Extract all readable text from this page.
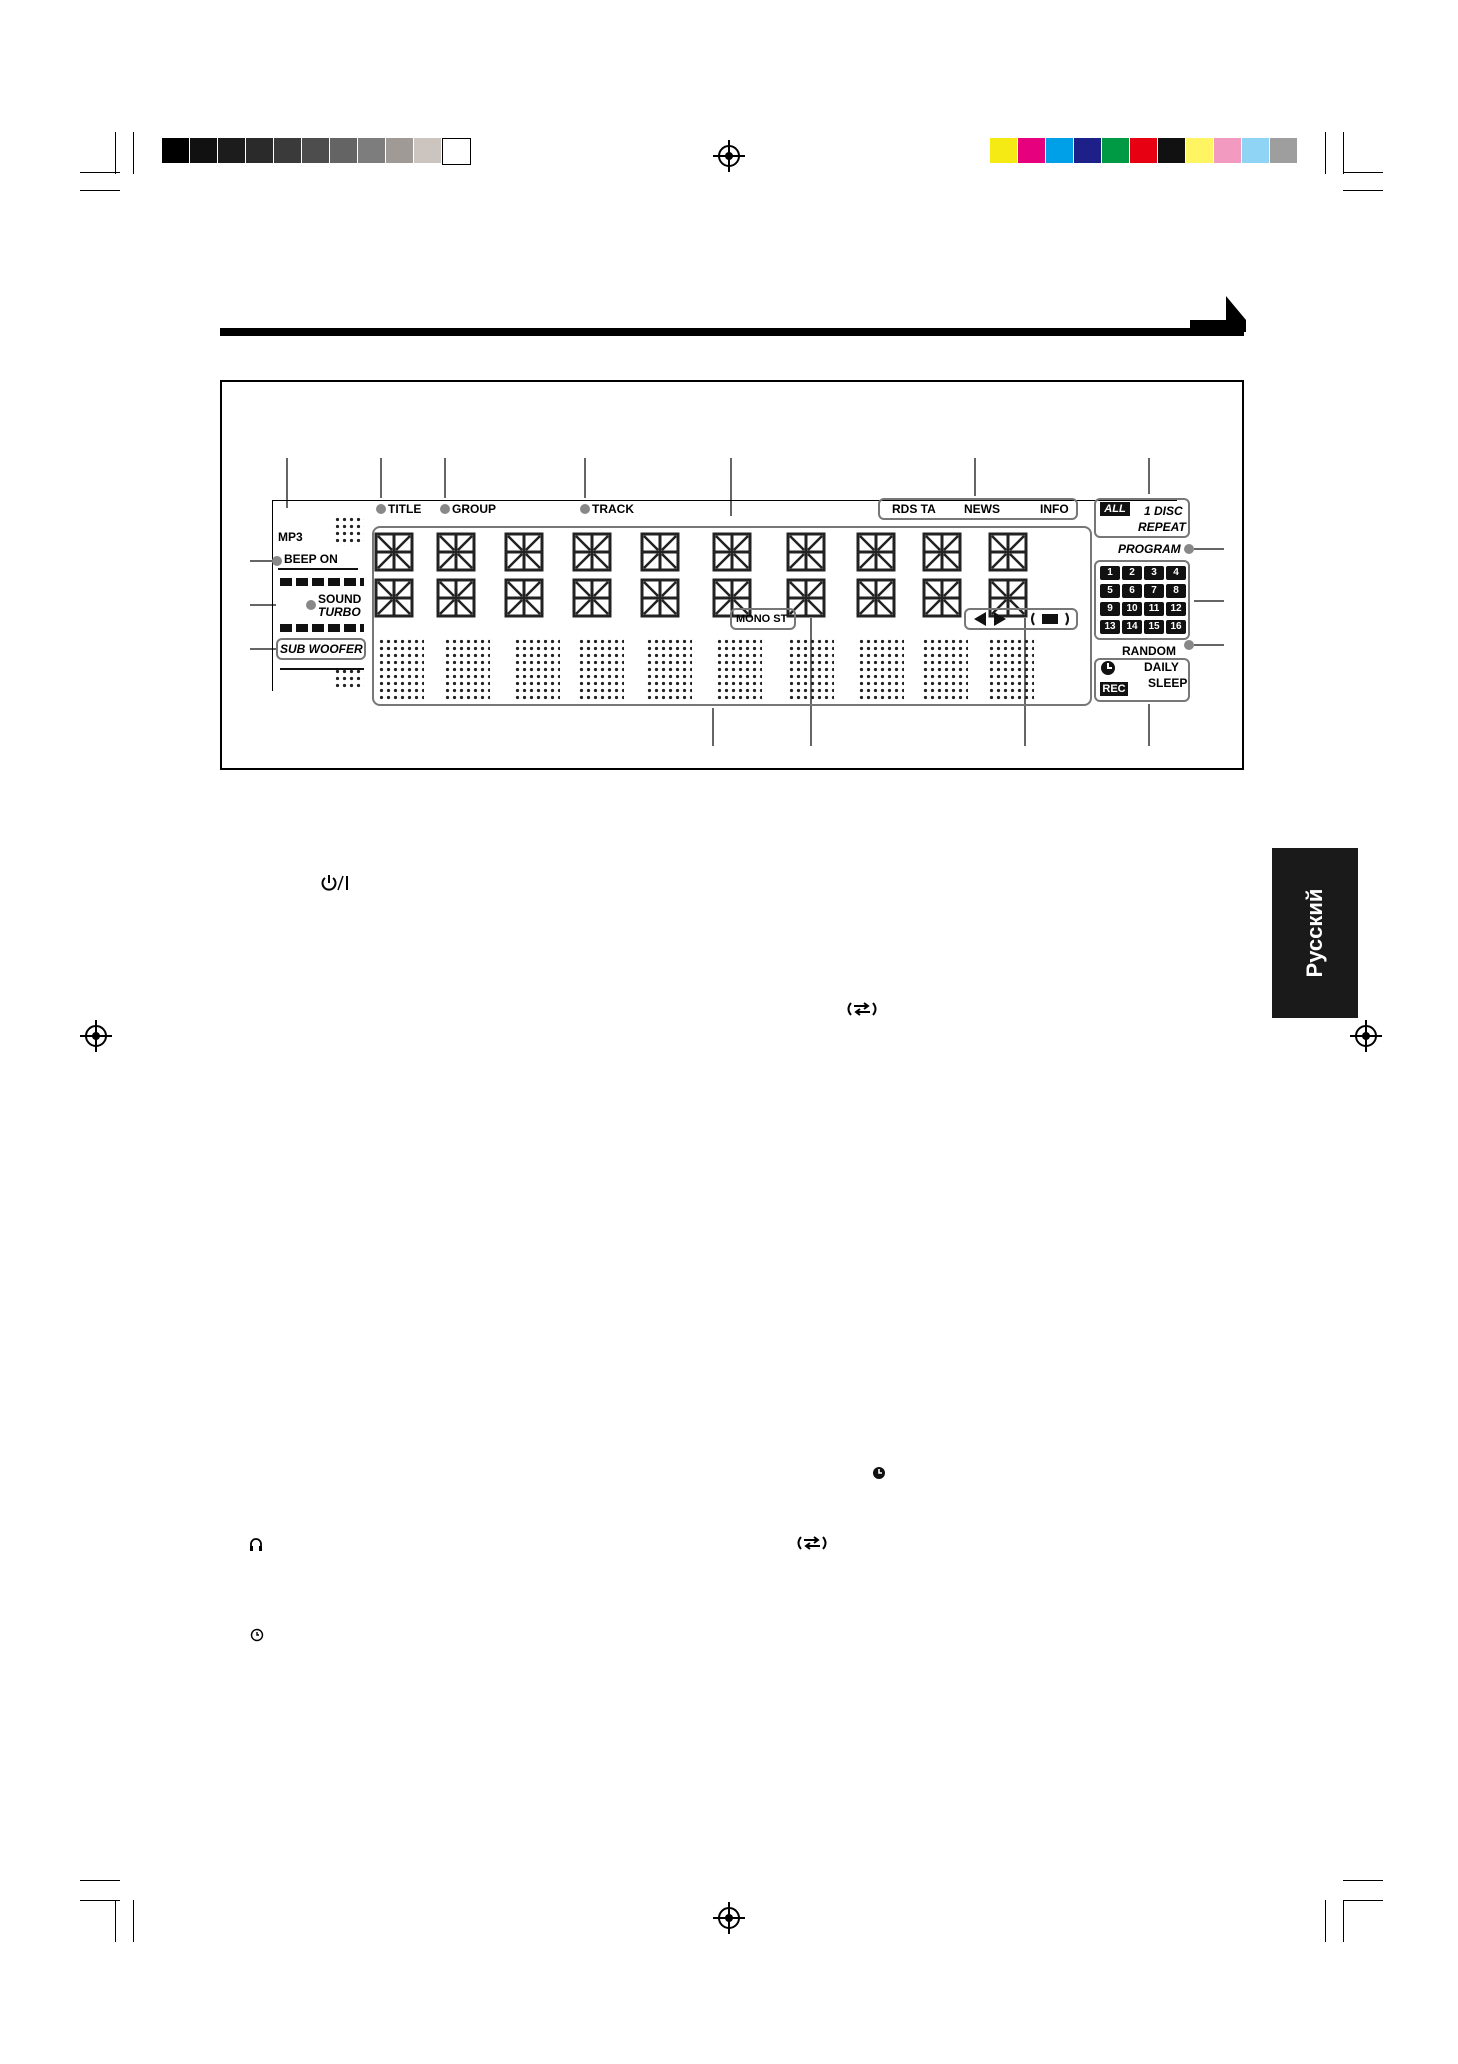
TITLE	GROUP	TRACK	RDS TA NEWS	INFO
MP3
BEEP ON
SOUND
TURBO
SUB WOOFER
ALL	1 DISC
REPEAT
PROGRAM
1	2	3	4
5	6	7	8
9	10	11	12
13	14	15	16
RANDOM
DAILY
REC SLEEP
MONO ST
Русский
